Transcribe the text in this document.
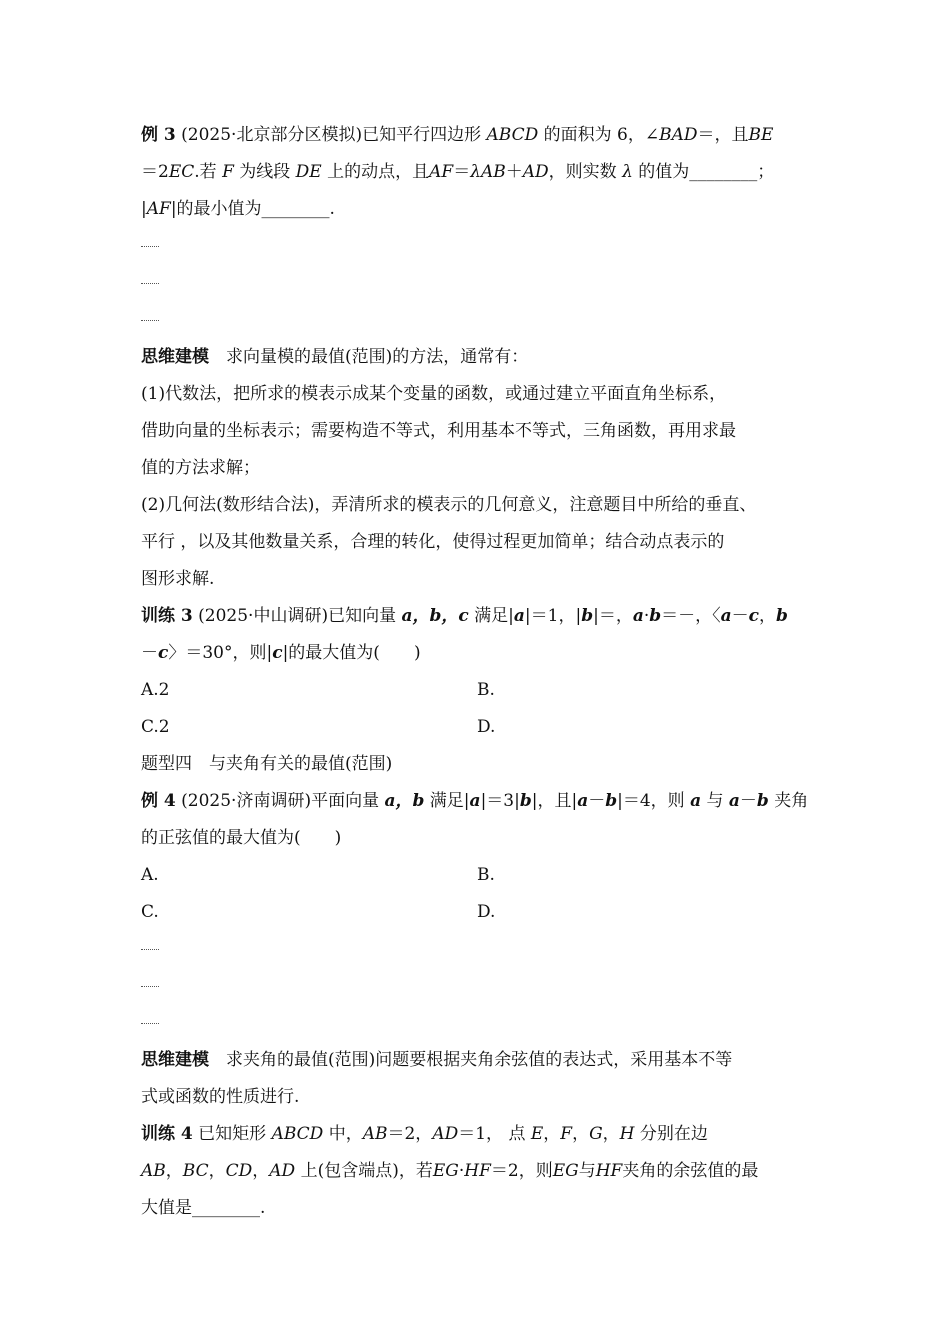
例 3 (2025·北京部分区模拟)已知平行四边形 ABCD 的面积为 6，∠BAD＝，且BE

＝2EC.若 F 为线段 DE 上的动点，且AF＝λAB＋AD，则实数 λ 的值为________；

|AF|的最小值为________.

思维建模　求向量模的最值(范围)的方法，通常有：

(1)代数法，把所求的模表示成某个变量的函数，或通过建立平面直角坐标系，

借助向量的坐标表示；需要构造不等式，利用基本不等式，三角函数，再用求最

值的方法求解；

(2)几何法(数形结合法)，弄清所求的模表示的几何意义，注意题目中所给的垂直、

平行 ，以及其他数量关系，合理的转化，使得过程更加简单；结合动点表示的

图形求解.

训练 3 (2025·中山调研)已知向量 a，b，c 满足|a|＝1，|b|＝，a·b＝－，〈a－c，b

－c〉＝30°，则|c|的最大值为(　　)

A.2	B.
C.2	D.

题型四　与夹角有关的最值(范围)

例 4 (2025·济南调研)平面向量 a，b 满足|a|＝3|b|，且|a－b|＝4，则 a 与 a－b 夹角

的正弦值的最大值为(　　)

A.	B.
C.	D.

思维建模　求夹角的最值(范围)问题要根据夹角余弦值的表达式，采用基本不等

式或函数的性质进行.

训练 4 已知矩形 ABCD 中，AB＝2，AD＝1， 点 E，F，G，H 分别在边

AB，BC，CD，AD 上(包含端点)，若EG·HF＝2，则EG与HF夹角的余弦值的最

大值是________.
